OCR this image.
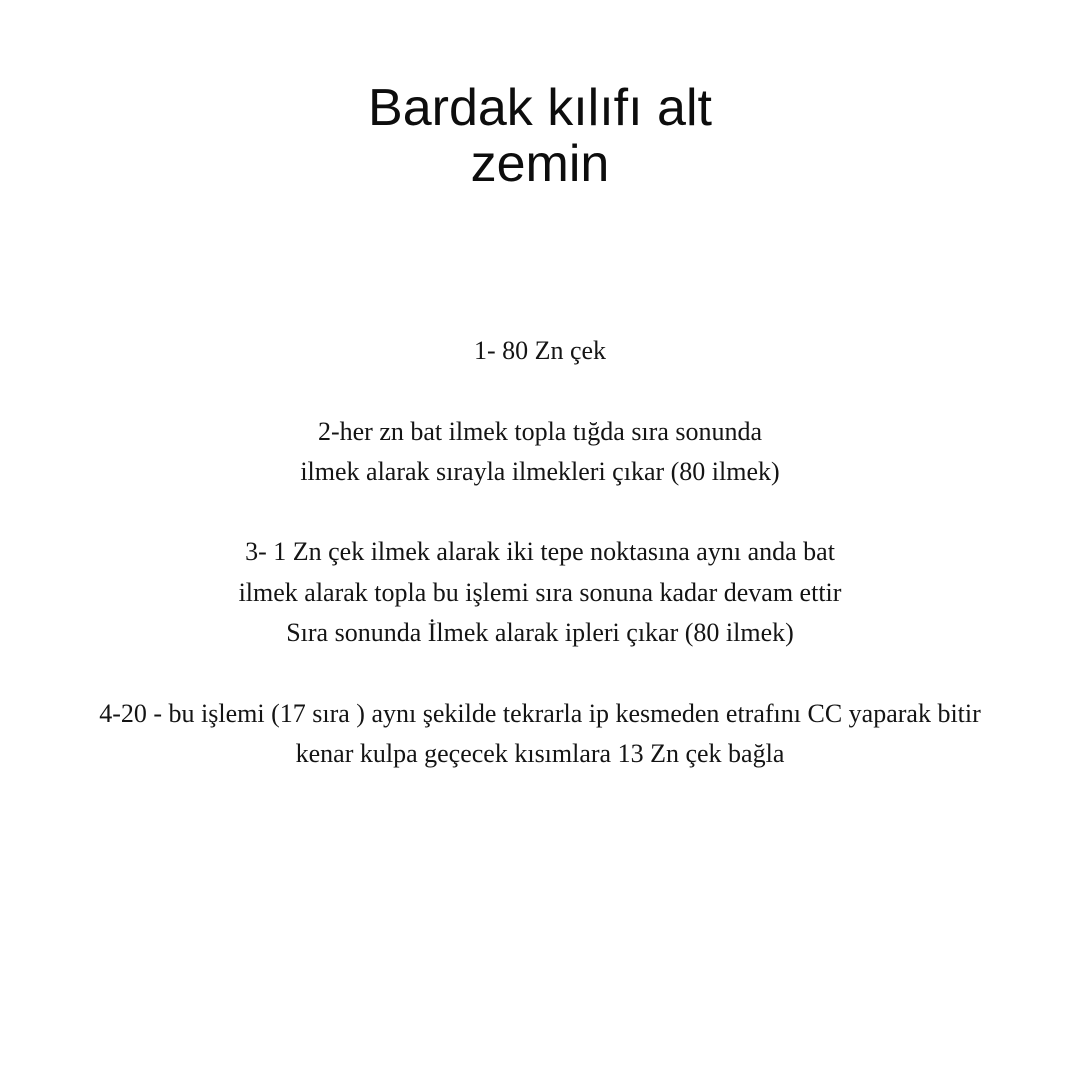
Bardak kılıfı alt
zemin
1- 80 Zn çek
2-her zn bat ilmek topla tığda sıra sonunda
ilmek alarak sırayla ilmekleri çıkar (80 ilmek)
3- 1 Zn çek ilmek alarak iki tepe noktasına aynı anda bat
ilmek alarak topla bu işlemi sıra sonuna kadar devam ettir
Sıra sonunda İlmek alarak ipleri çıkar (80 ilmek)
4-20 - bu işlemi (17 sıra ) aynı şekilde tekrarla ip kesmeden etrafını CC yaparak bitir
kenar kulpa geçecek kısımlara 13 Zn çek bağla
